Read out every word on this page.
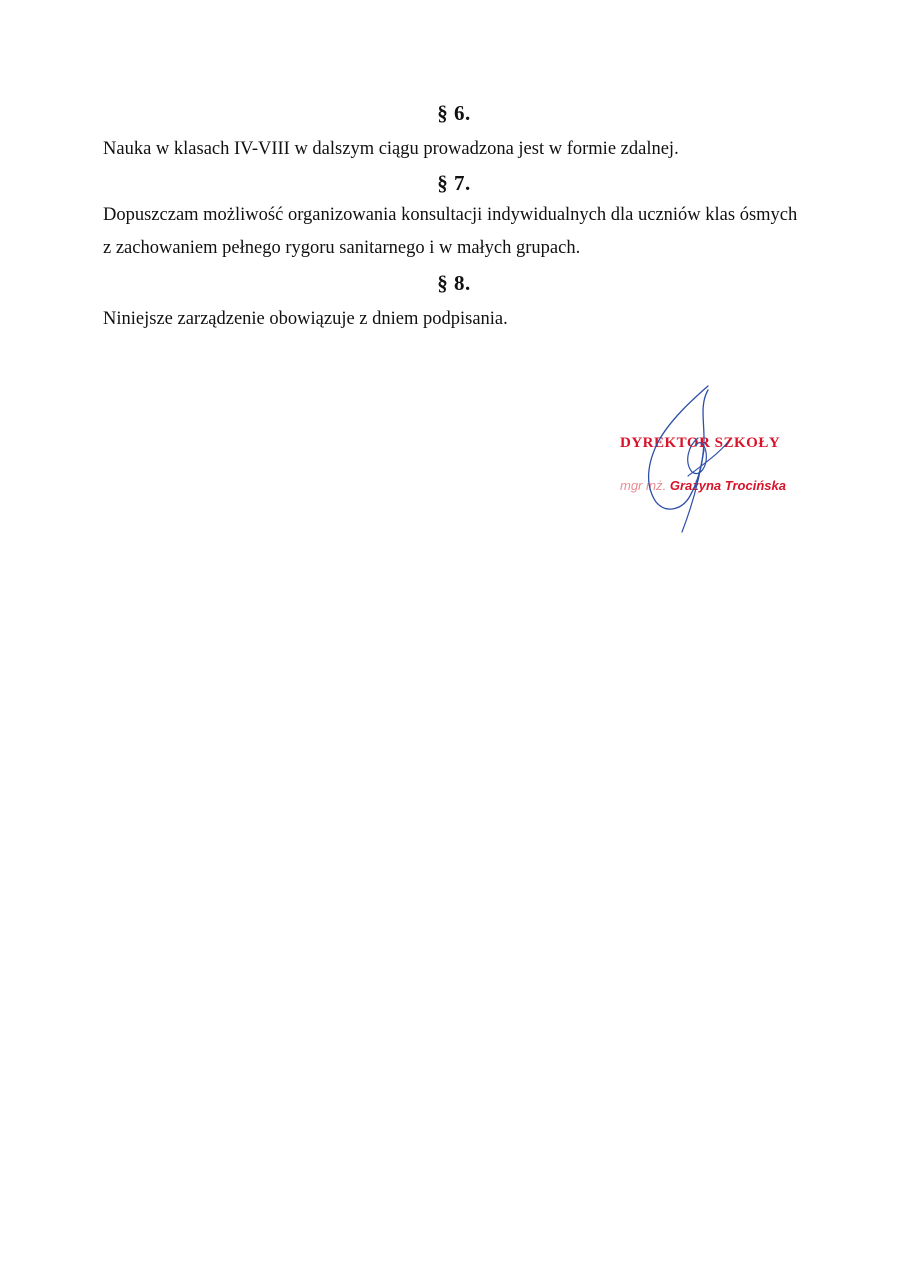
§ 6.
Nauka w klasach IV-VIII w dalszym ciągu prowadzona jest w formie zdalnej.
§ 7.
Dopuszczam możliwość organizowania konsultacji indywidualnych dla uczniów klas ósmych
z zachowaniem pełnego rygoru sanitarnego i w małych grupach.
§ 8.
Niniejsze zarządzenie obowiązuje z dniem podpisania.
DYREKTOR SZKOŁY
mgr inż. Grażyna Trocińska
